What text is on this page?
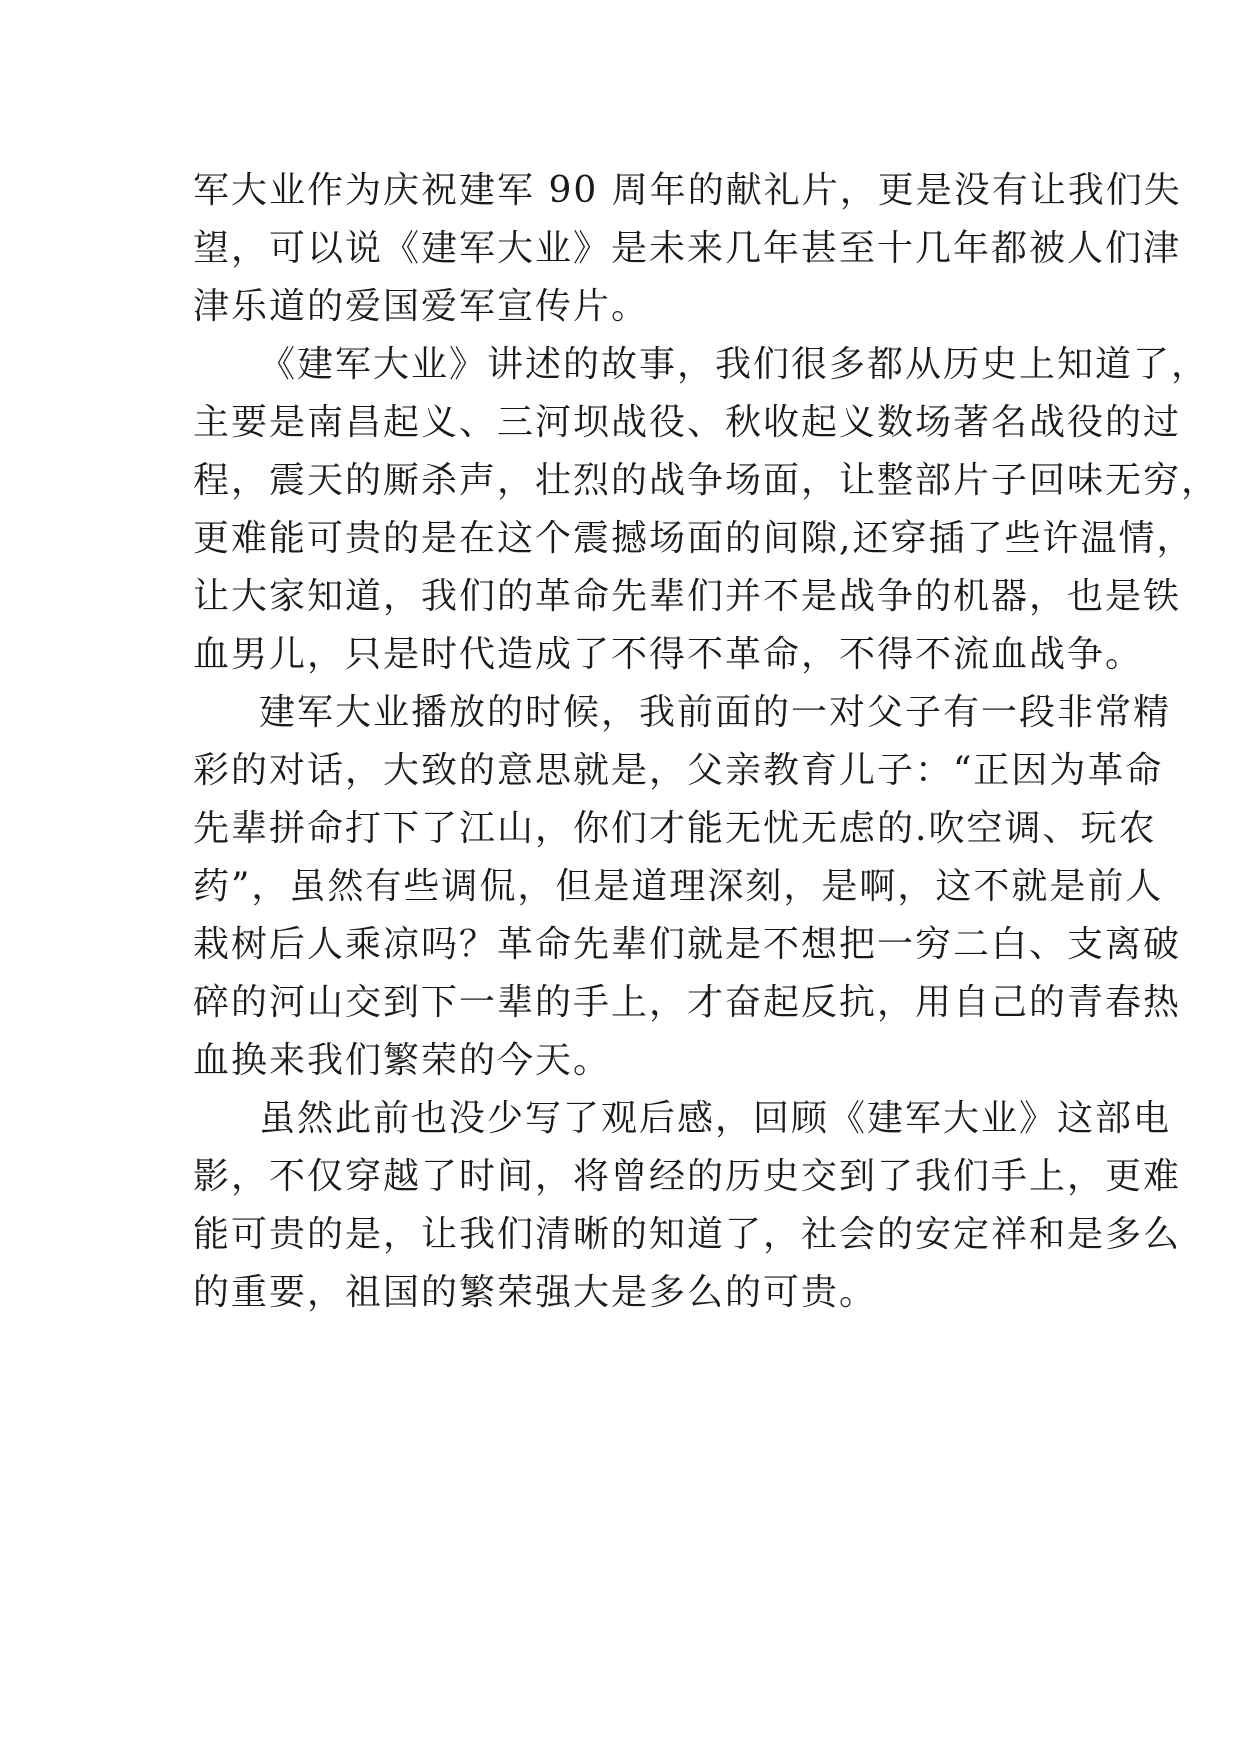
军大业作为庆祝建军 90 周年的献礼片，更是没有让我们失
望，可以说《建军大业》是未来几年甚至十几年都被人们津
津乐道的爱国爱军宣传片。
《建军大业》讲述的故事，我们很多都从历史上知道了，
主要是南昌起义、三河坝战役、秋收起义数场著名战役的过
程，震天的厮杀声，壮烈的战争场面，让整部片子回味无穷，
更难能可贵的是在这个震撼场面的间隙,还穿插了些许温情，
让大家知道，我们的革命先辈们并不是战争的机器，也是铁
血男儿，只是时代造成了不得不革命，不得不流血战争。
建军大业播放的时候，我前面的一对父子有一段非常精
彩的对话，大致的意思就是，父亲教育儿子：“正因为革命
先辈拼命打下了江山，你们才能无忧无虑的.吹空调、玩农
药”，虽然有些调侃，但是道理深刻，是啊，这不就是前人
栽树后人乘凉吗？革命先辈们就是不想把一穷二白、支离破
碎的河山交到下一辈的手上，才奋起反抗，用自己的青春热
血换来我们繁荣的今天。
虽然此前也没少写了观后感，回顾《建军大业》这部电
影，不仅穿越了时间，将曾经的历史交到了我们手上，更难
能可贵的是，让我们清晰的知道了，社会的安定祥和是多么
的重要，祖国的繁荣强大是多么的可贵。
